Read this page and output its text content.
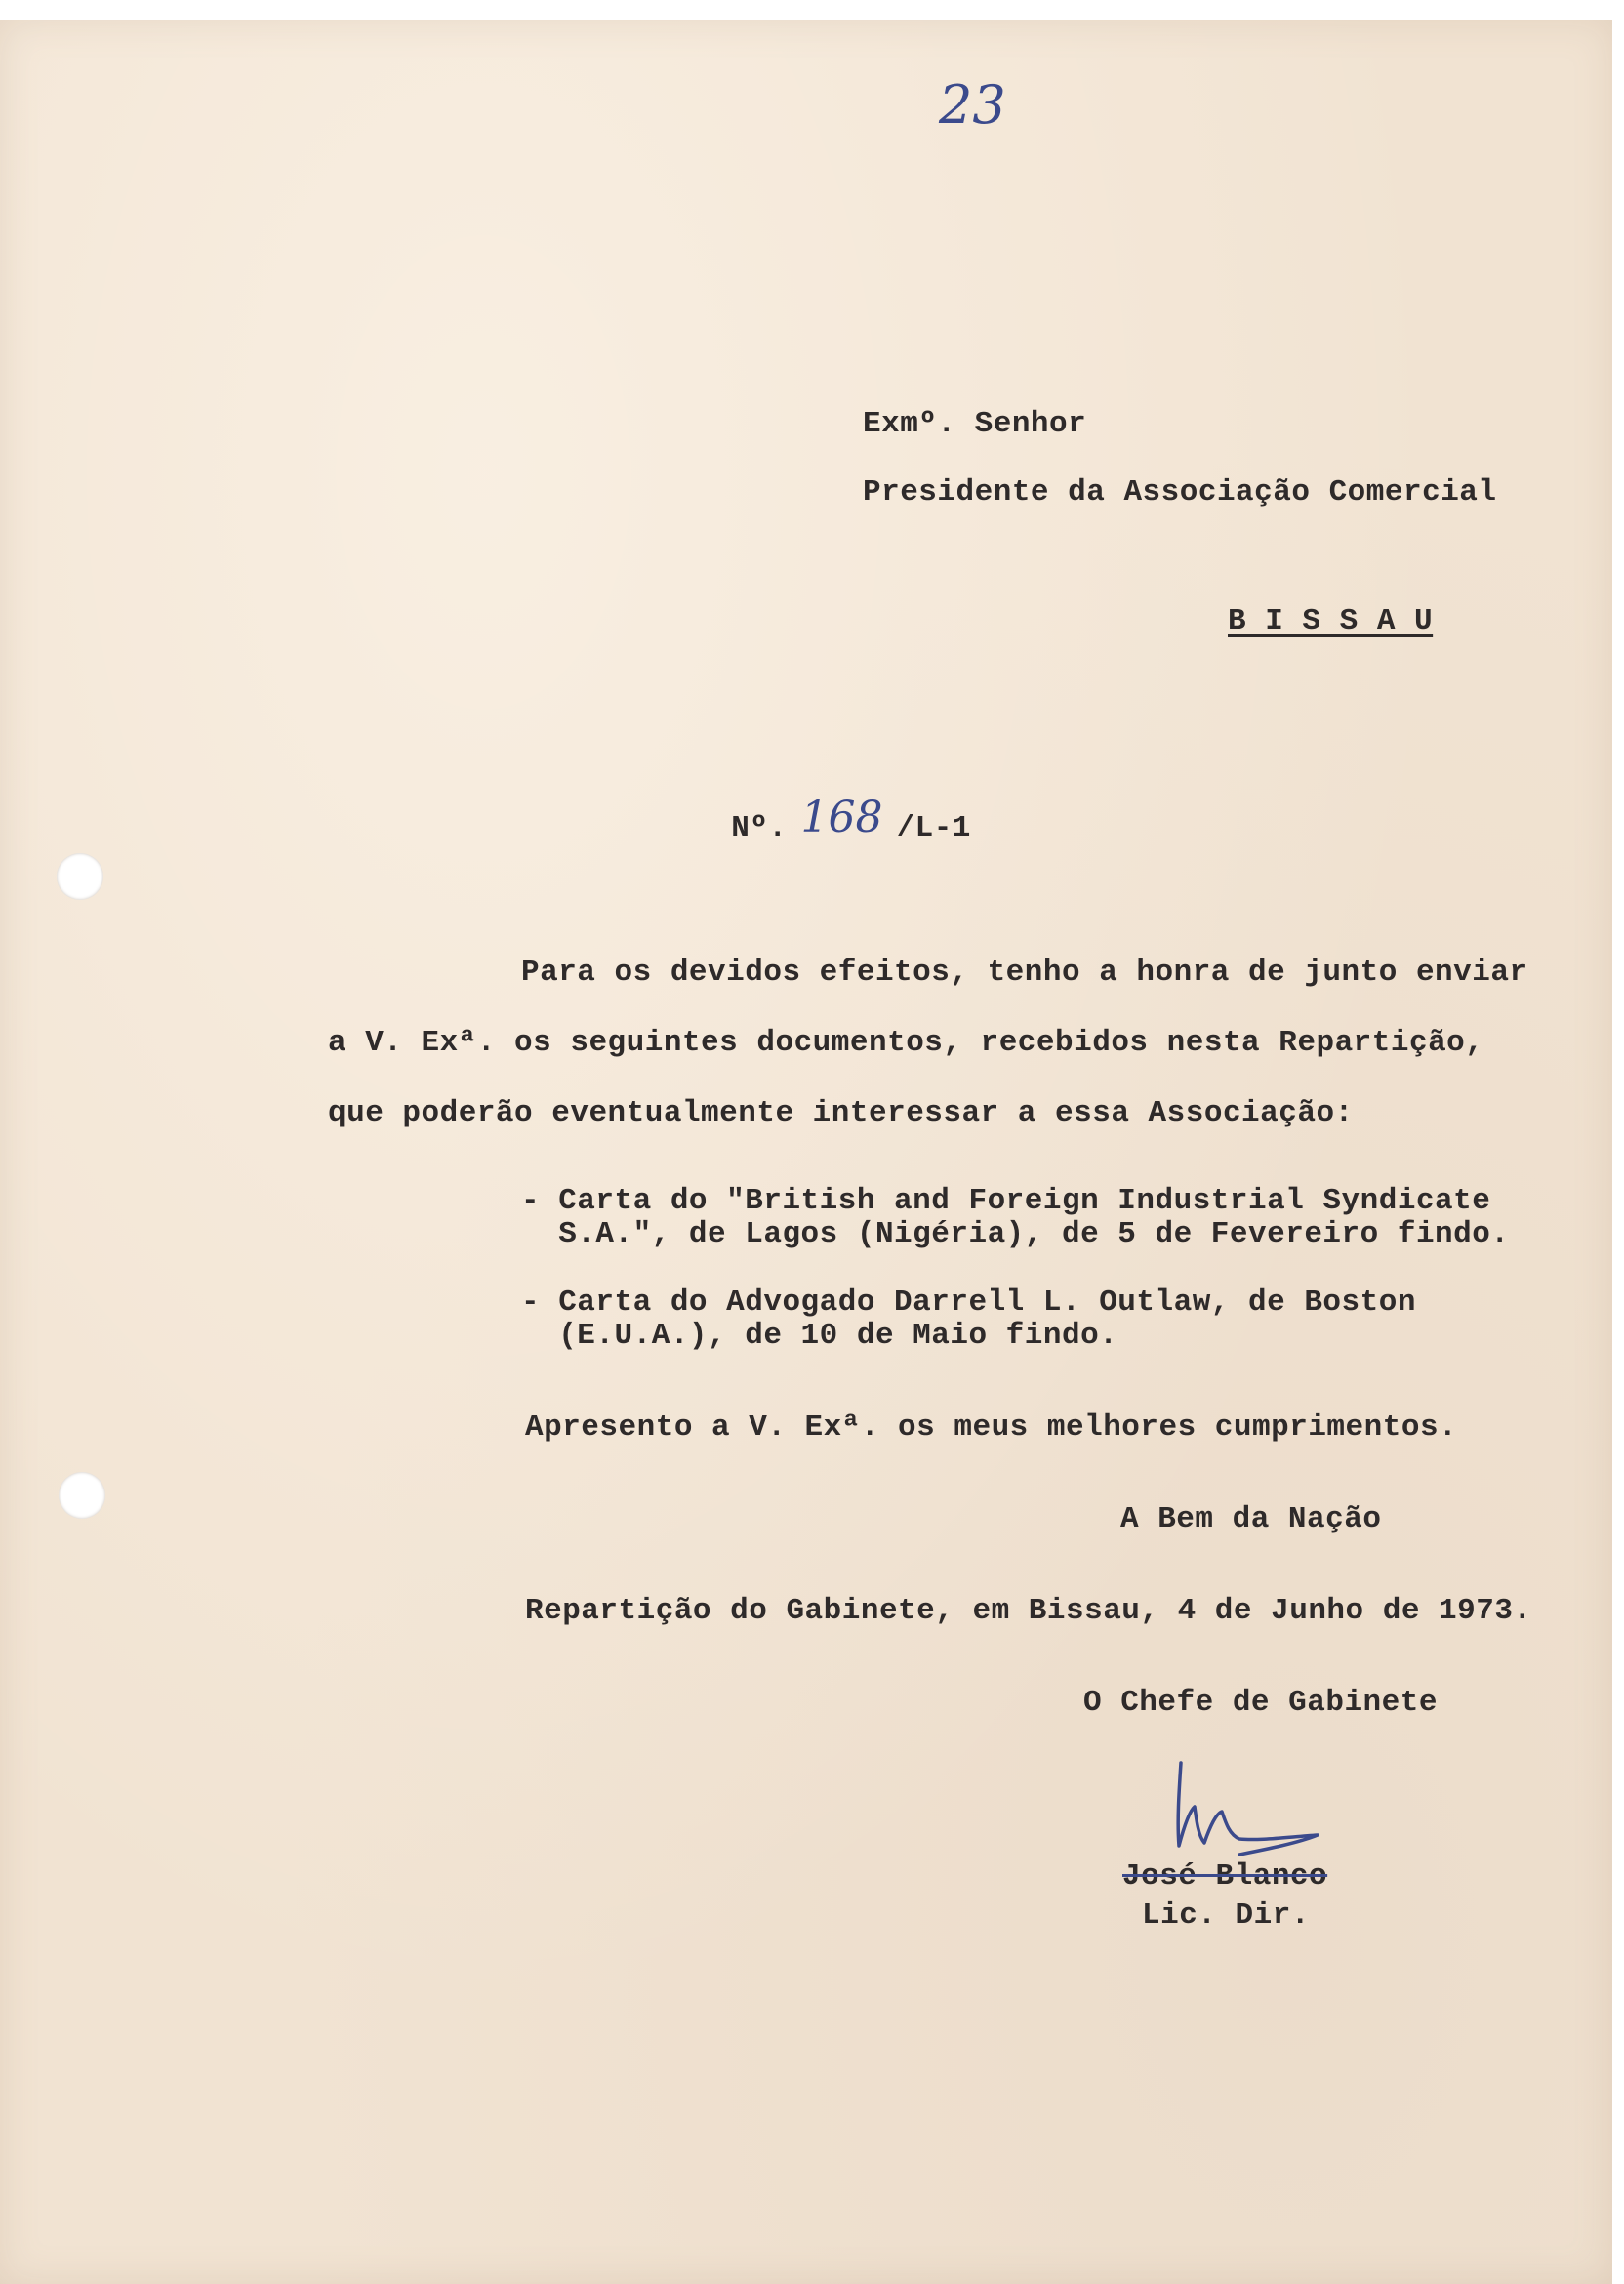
23
Exmº. Senhor
Presidente da Associação Comercial
B I S S A U

Nº. 168 /L-1

Para os devidos efeitos, tenho a honra de junto enviar
a V. Exª. os seguintes documentos, recebidos nesta Repartição,
que poderão eventualmente interessar a essa Associação:
- Carta do "British and Foreign Industrial Syndicate
S.A.", de Lagos (Nigéria), de 5 de Fevereiro findo.
- Carta do Advogado Darrell L. Outlaw, de Boston
(E.U.A.), de 10 de Maio findo.
Apresento a V. Exª. os meus melhores cumprimentos.
A Bem da Nação
Repartição do Gabinete, em Bissau, 4 de Junho de 1973.
O Chefe de Gabinete
José Blanco
Lic. Dir.
